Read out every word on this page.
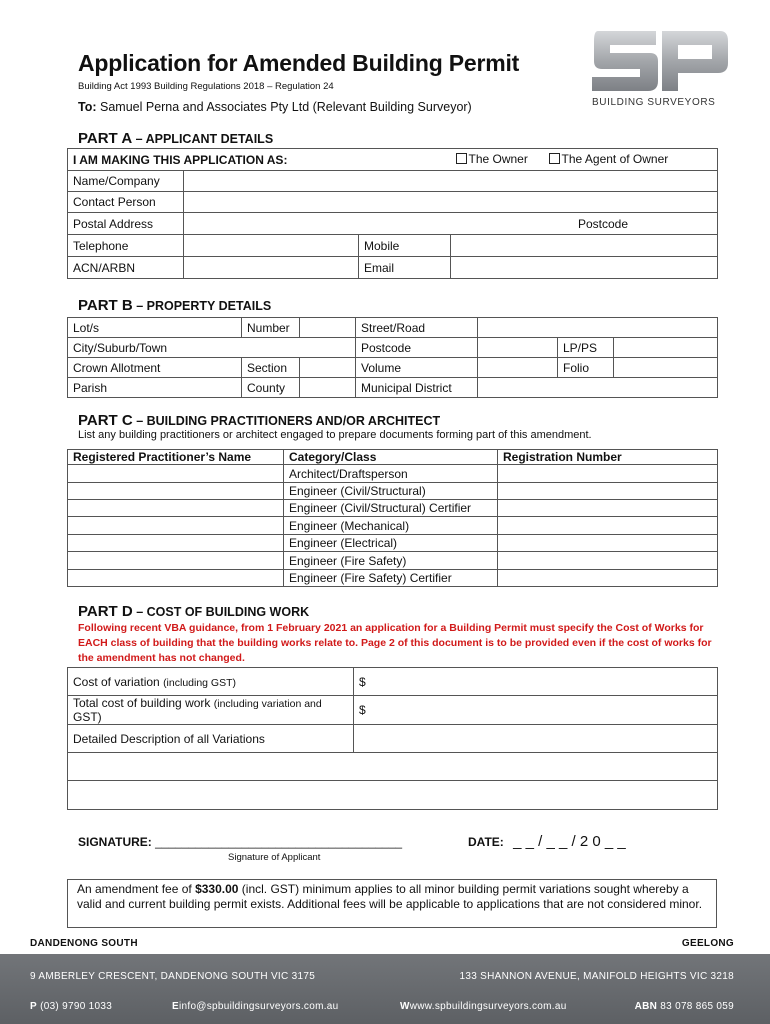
Application for Amended Building Permit
Building Act 1993 Building Regulations 2018 – Regulation 24
To: Samuel Perna and Associates Pty Ltd (Relevant Building Surveyor)	BUILDING SURVEYORS
PART A – APPLICANT DETAILS
I AM MAKING THIS APPLICATION AS: The Owner The Agent of Owner			

Name/Company			
Contact Person			
Postal Address	Postcode		
Telephone		Mobile	
ACN/ARBN		Email	
PART B – PROPERTY DETAILS
Lot/s		Number		Street/Road			
City/Suburb/Town				Postcode		LP/PS	
Crown Allotment		Section		Volume		Folio	
Parish		County		Municipal District			
PART C – BUILDING PRACTITIONERS AND/OR ARCHITECT
List any building practitioners or architect engaged to prepare documents forming part of this amendment.
Registered Practitioner’s Name	Category/Class	Registration Number
	Architect/Draftsperson	
	Engineer (Civil/Structural)	
	Engineer (Civil/Structural) Certifier	
	Engineer (Mechanical)	
	Engineer (Electrical)	
	Engineer (Fire Safety)	
	Engineer (Fire Safety) Certifier	
PART D – COST OF BUILDING WORK
Following recent VBA guidance, from 1 February 2021 an application for a Building Permit must specify the Cost of Works for EACH class of building that the building works relate to. Page 2 of this document is to be provided even if the cost of works for the amendment has not changed.
Cost of variation (including GST)	$
Total cost of building work (including variation and
GST)	$
Detailed Description of all Variations	

SIGNATURE: _____________________________________
Signature of Applicant
DATE: _ _ / _ _ / 2 0 _ _
An amendment fee of $330.00 (incl. GST) minimum applies to all minor building permit variations sought whereby a valid and current building permit exists. Additional fees will be applicable to applications that are not considered minor.
DANDENONG SOUTH	GEELONG
9 AMBERLEY CRESCENT, DANDENONG SOUTH VIC 3175	133 SHANNON AVENUE, MANIFOLD HEIGHTS VIC 3218
P (03) 9790 1033	Einfo@spbuildingsurveyors.com.au	Wwww.spbuildingsurveyors.com.au	ABN 83 078 865 059
